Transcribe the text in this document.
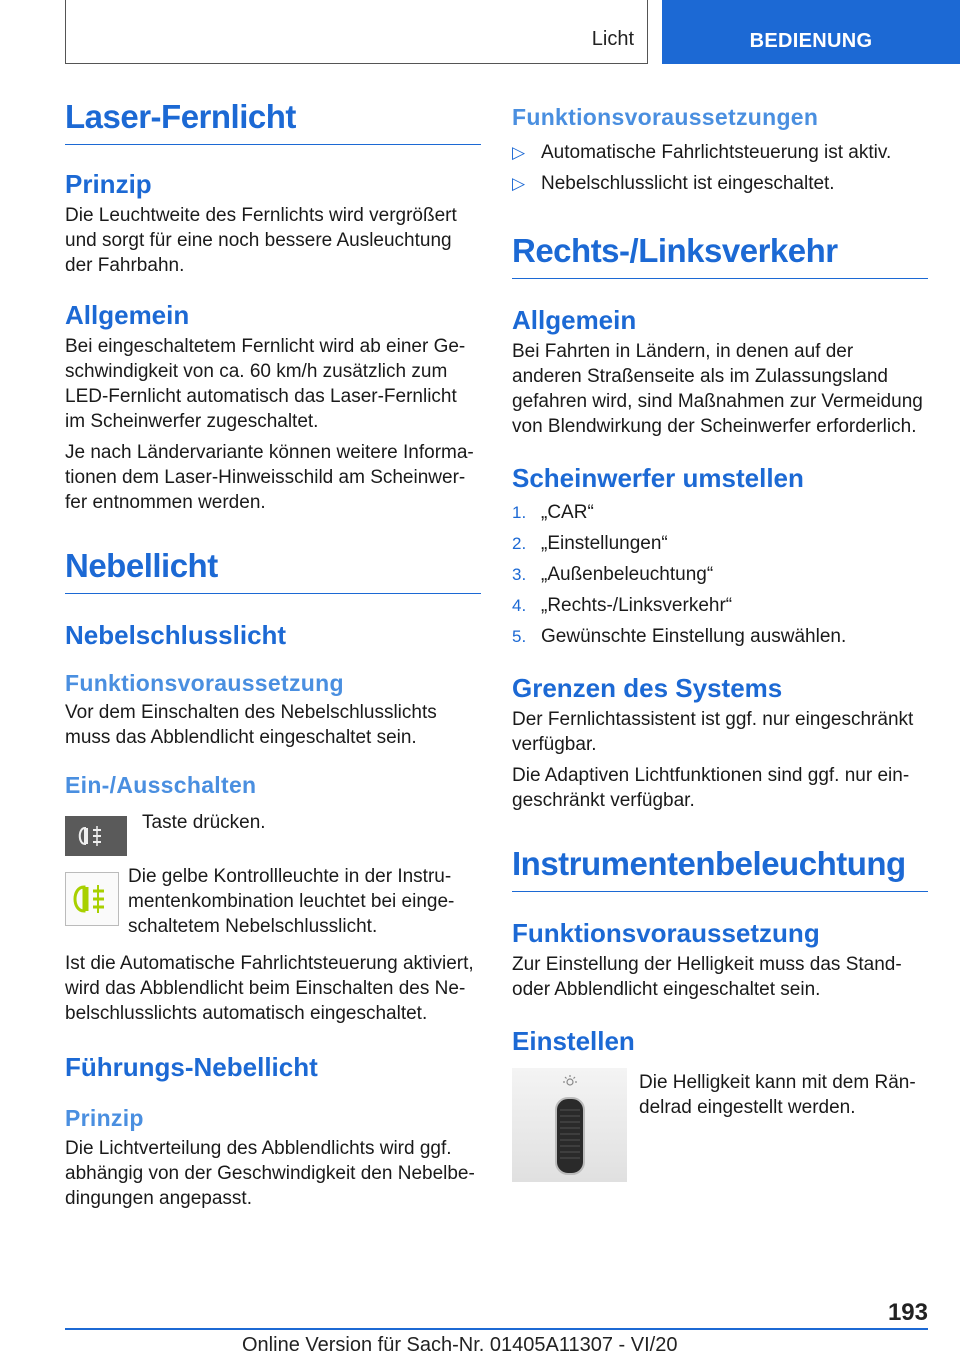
Licht	BEDIENUNG
Laser-Fernlicht
Prinzip

Die Leuchtweite des Fernlichts wird vergrößert und sorgt für eine noch bessere Ausleuchtung der Fahrbahn.

Allgemein

Bei eingeschaltetem Fernlicht wird ab einer Ge-schwindigkeit von ca. 60 km/h zusätzlich zum LED-Fernlicht automatisch das Laser-Fernlicht im Scheinwerfer zugeschaltet.

Je nach Ländervariante können weitere Informa-tionen dem Laser-Hinweisschild am Scheinwer-fer entnommen werden.

Nebellicht
Nebelschlusslicht
Funktionsvoraussetzung

Vor dem Einschalten des Nebelschlusslichts muss das Abblendlicht eingeschaltet sein.

Ein-/Ausschalten

Taste drücken.

Die gelbe Kontrollleuchte in der Instru-mentenkombination leuchtet bei einge-schaltetem Nebelschlusslicht.

Ist die Automatische Fahrlichtsteuerung aktiviert, wird das Abblendlicht beim Einschalten des Ne-belschlusslichts automatisch eingeschaltet.

Führungs-Nebellicht
Prinzip

Die Lichtverteilung des Abblendlichts wird ggf. abhängig von der Geschwindigkeit den Nebelbe-dingungen angepasst.

Funktionsvoraussetzungen
▷ Automatische Fahrlichtsteuerung ist aktiv.
▷ Nebelschlusslicht ist eingeschaltet.
Rechts-/Linksverkehr
Allgemein

Bei Fahrten in Ländern, in denen auf der anderen Straßenseite als im Zulassungsland gefahren wird, sind Maßnahmen zur Vermeidung von Blendwirkung der Scheinwerfer erforderlich.

Scheinwerfer umstellen
1. „CAR“
2. „Einstellungen“
3. „Außenbeleuchtung“
4. „Rechts-/Linksverkehr“
5. Gewünschte Einstellung auswählen.
Grenzen des Systems

Der Fernlichtassistent ist ggf. nur eingeschränkt verfügbar.

Die Adaptiven Lichtfunktionen sind ggf. nur ein-geschränkt verfügbar.

Instrumentenbeleuchtung
Funktionsvoraussetzung

Zur Einstellung der Helligkeit muss das Stand- oder Abblendlicht eingeschaltet sein.

Einstellen

Die Helligkeit kann mit dem Rän-delrad eingestellt werden.

193
Online Version für Sach-Nr. 01405A11307 - VI/20
